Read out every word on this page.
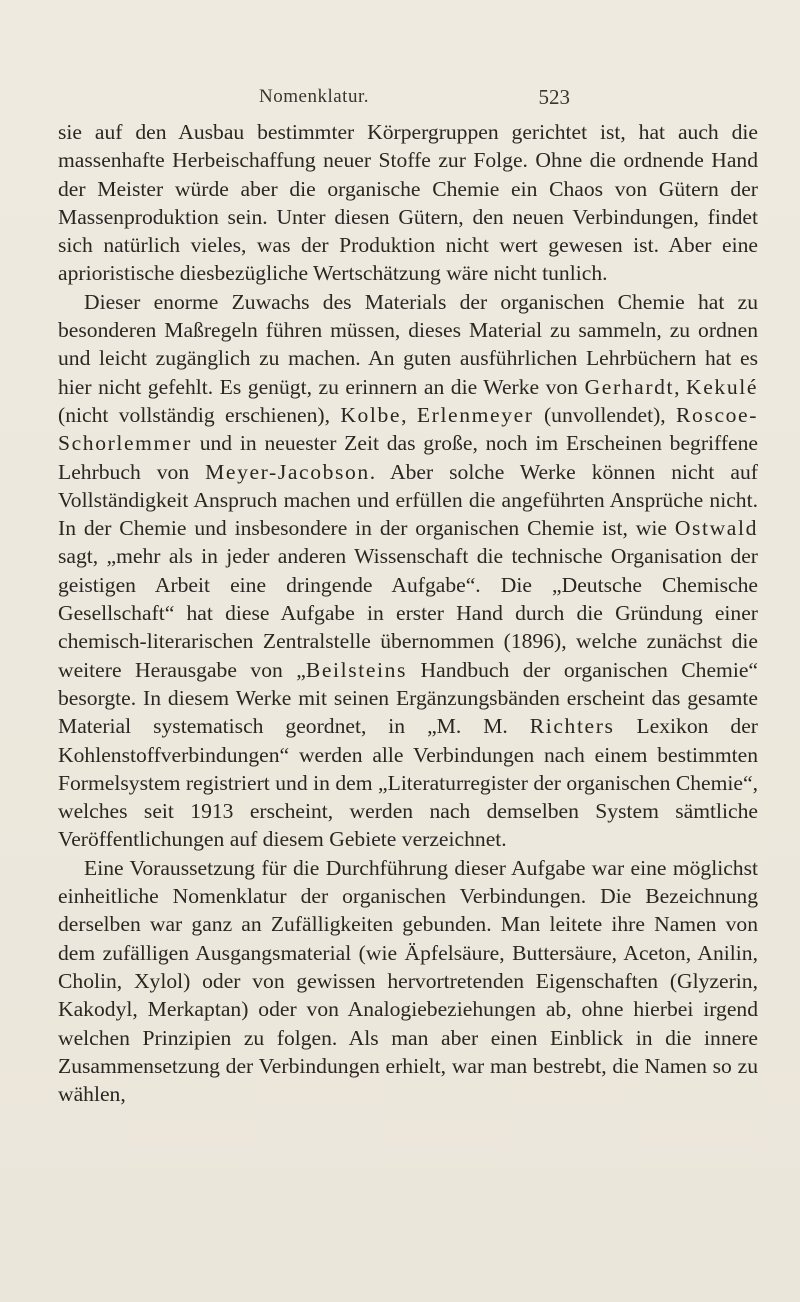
Nomenklatur.	523

sie auf den Ausbau bestimmter Körpergruppen gerichtet ist, hat auch die massenhafte Herbeischaffung neuer Stoffe zur Folge. Ohne die ordnende Hand der Meister würde aber die organische Chemie ein Chaos von Gütern der Massenproduktion sein. Unter diesen Gütern, den neuen Verbindungen, findet sich natürlich vieles, was der Produktion nicht wert gewesen ist. Aber eine aprioristische diesbezügliche Wertschätzung wäre nicht tunlich.

Dieser enorme Zuwachs des Materials der organischen Chemie hat zu besonderen Maßregeln führen müssen, dieses Material zu sammeln, zu ordnen und leicht zugänglich zu machen. An guten ausführlichen Lehrbüchern hat es hier nicht gefehlt. Es genügt, zu erinnern an die Werke von Gerhardt, Kekulé (nicht vollständig erschienen), Kolbe, Erlenmeyer (unvollendet), Roscoe-Schorlemmer und in neuester Zeit das große, noch im Erscheinen begriffene Lehrbuch von Meyer-Jacobson. Aber solche Werke können nicht auf Vollständigkeit Anspruch machen und erfüllen die angeführten Ansprüche nicht. In der Chemie und insbesondere in der organischen Chemie ist, wie Ostwald sagt, „mehr als in jeder anderen Wissenschaft die technische Organisation der geistigen Arbeit eine dringende Aufgabe“. Die „Deutsche Chemische Gesellschaft“ hat diese Aufgabe in erster Hand durch die Gründung einer chemisch-literarischen Zentralstelle übernommen (1896), welche zunächst die weitere Herausgabe von „Beilsteins Handbuch der organischen Chemie“ besorgte. In diesem Werke mit seinen Ergänzungsbänden erscheint das gesamte Material systematisch geordnet, in „M. M. Richters Lexikon der Kohlenstoffverbindungen“ werden alle Verbindungen nach einem bestimmten Formelsystem registriert und in dem „Literaturregister der organischen Chemie“, welches seit 1913 erscheint, werden nach demselben System sämtliche Veröffentlichungen auf diesem Gebiete verzeichnet.

Eine Voraussetzung für die Durchführung dieser Aufgabe war eine möglichst einheitliche Nomenklatur der organischen Verbindungen. Die Bezeichnung derselben war ganz an Zufälligkeiten gebunden. Man leitete ihre Namen von dem zufälligen Ausgangsmaterial (wie Äpfelsäure, Buttersäure, Aceton, Anilin, Cholin, Xylol) oder von gewissen hervortretenden Eigenschaften (Glyzerin, Kakodyl, Merkaptan) oder von Analogiebeziehungen ab, ohne hierbei irgend welchen Prinzipien zu folgen. Als man aber einen Einblick in die innere Zusammensetzung der Verbindungen erhielt, war man bestrebt, die Namen so zu wählen,
